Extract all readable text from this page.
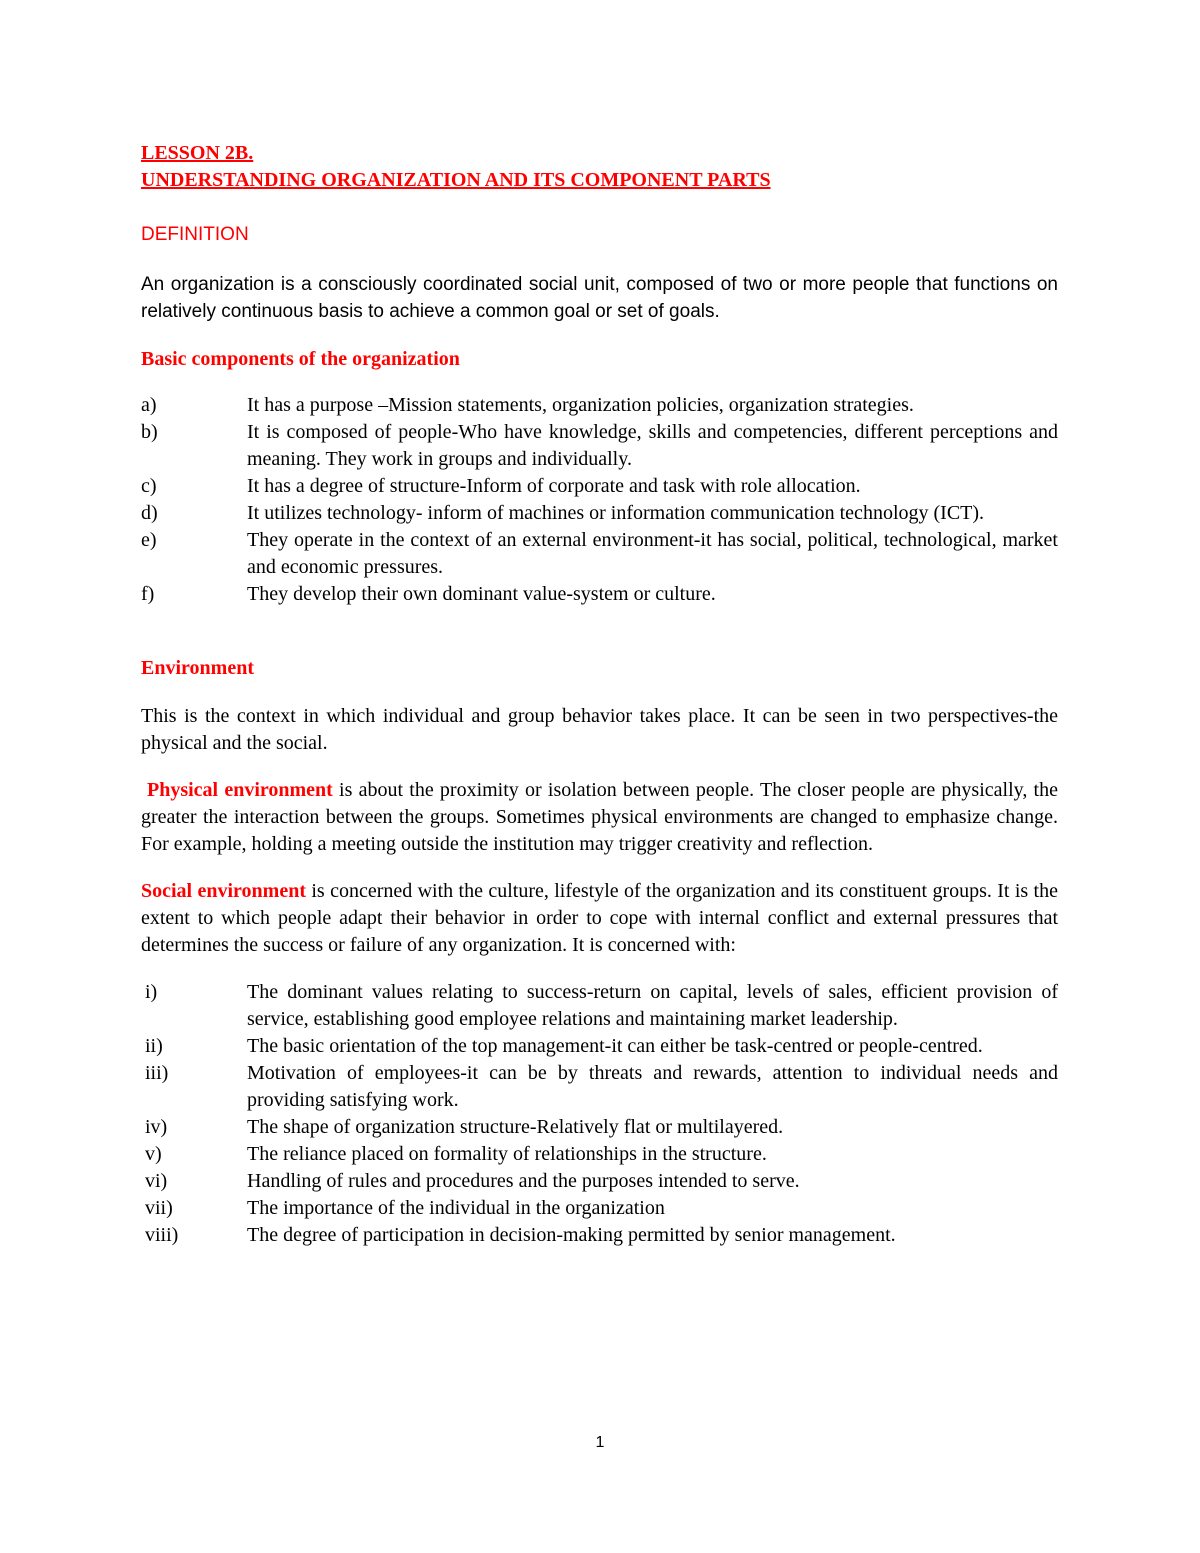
LESSON 2B.

UNDERSTANDING ORGANIZATION AND ITS COMPONENT PARTS

DEFINITION

An organization is a consciously coordinated social unit, composed of two or more people that functions on relatively continuous basis to achieve a common goal or set of goals.

Basic components of the organization

a)	It has a purpose –Mission statements, organization policies, organization strategies.
b)	It is composed of people-Who have knowledge, skills and competencies, different perceptions and meaning. They work in groups and individually.
c)	It has a degree of structure-Inform of corporate and task with role allocation.
d)	It utilizes technology- inform of machines or information communication technology (ICT).
e)	They operate in the context of an external environment-it has social, political, technological, market and economic pressures.
f)	They develop their own dominant value-system or culture.

Environment

This is the context in which individual and group behavior takes place. It can be seen in two perspectives-the physical and the social.

Physical environment is about the proximity or isolation between people. The closer people are physically, the greater the interaction between the groups. Sometimes physical environments are changed to emphasize change. For example, holding a meeting outside the institution may trigger creativity and reflection.

Social environment is concerned with the culture, lifestyle of the organization and its constituent groups. It is the extent to which people adapt their behavior in order to cope with internal conflict and external pressures that determines the success or failure of any organization. It is concerned with:

i)	The dominant values relating to success-return on capital, levels of sales, efficient provision of service, establishing good employee relations and maintaining market leadership.
ii)	The basic orientation of the top management-it can either be task-centred or people-centred.
iii)	Motivation of employees-it can be by threats and rewards, attention to individual needs and providing satisfying work.
iv)	The shape of organization structure-Relatively flat or multilayered.
v)	The reliance placed on formality of relationships in the structure.
vi)	Handling of rules and procedures and the purposes intended to serve.
vii)	The importance of the individual in the organization
viii)	The degree of participation in decision-making permitted by senior management.
1
